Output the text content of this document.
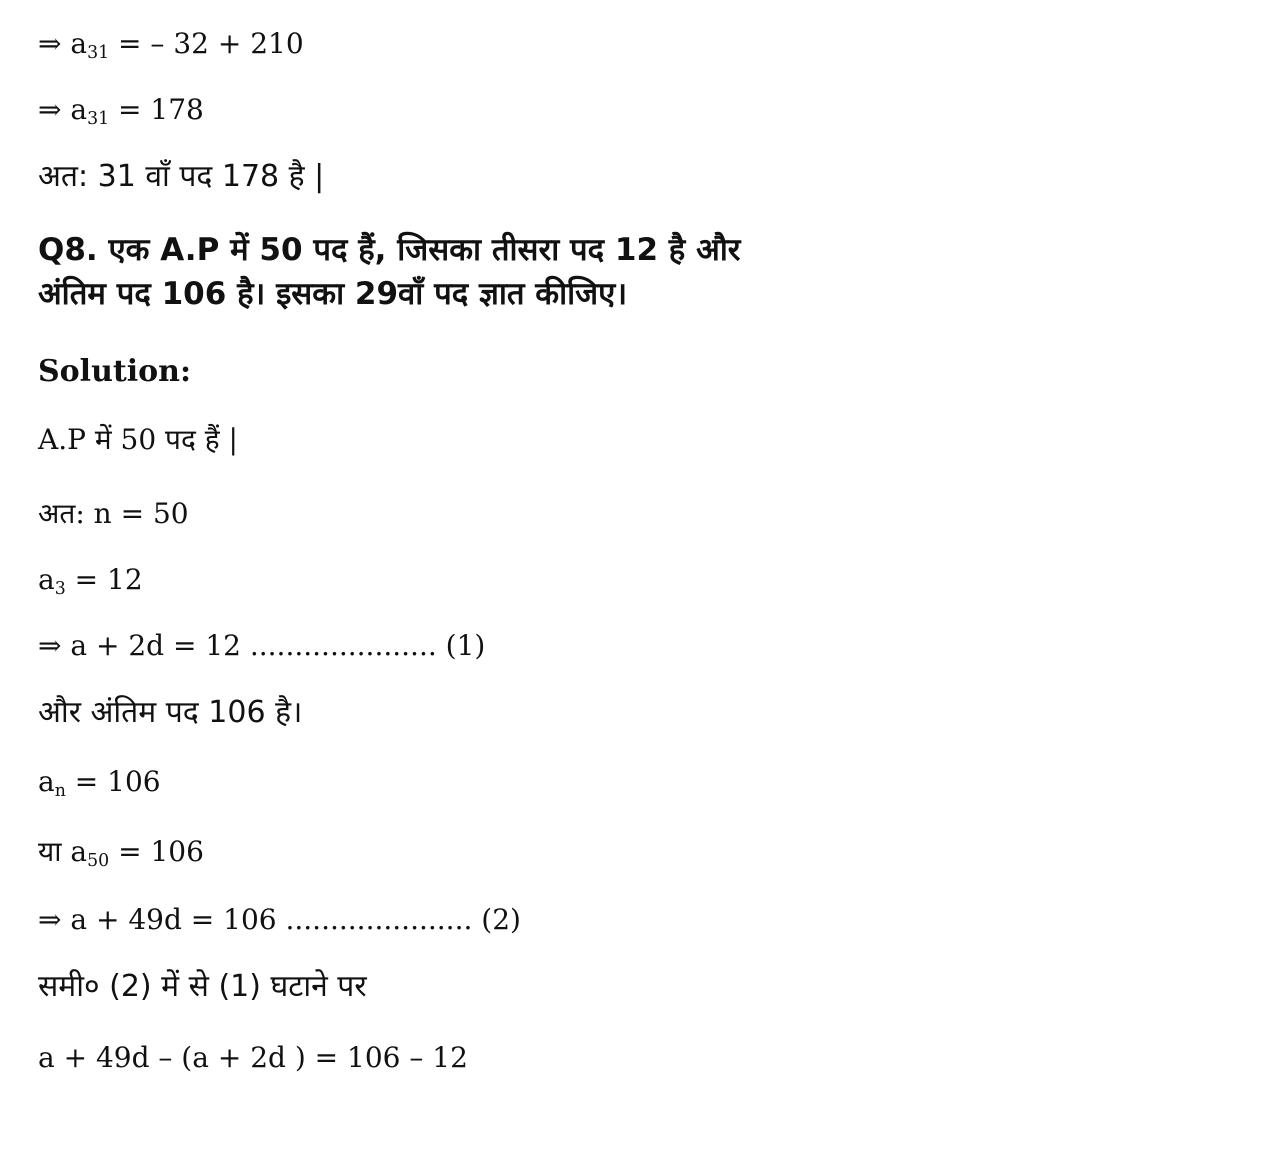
⇒ $a_{31}$ = – 32 + 210
⇒ $a_{31} = 178$
अत: 31 वाँ पद 178 है |
Q8. एक A.P में 50 पद हैं, जिसका तीसरा पद 12 है और
अंतिम पद 106 है। इसका 29वाँ पद ज्ञात कीजिए।
Solution:
A.P में 50 पद हैं |
अत: n = 50
$a_3 = 12$
⇒ a + 2d = 12 ..................... (1)
और अंतिम पद 106 है।
$a_n = 106$
या $a_{50} = 106$
⇒ a + 49d = 106 ..................... (2)
समी० (2) में से (1) घटाने पर
a + 49d – (a + 2d ) = 106 – 12
